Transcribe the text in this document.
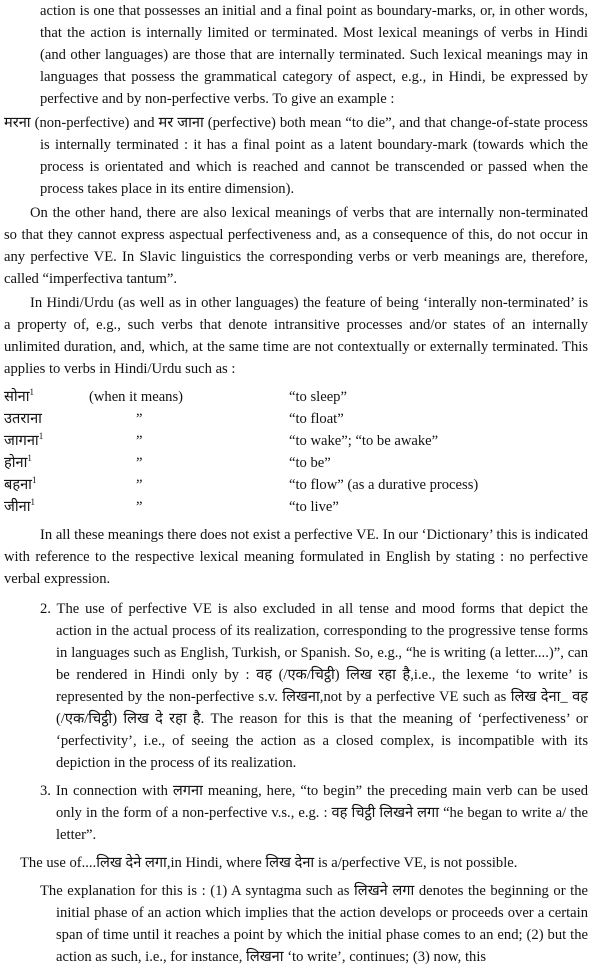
action is one that possesses an initial and a final point as boundary-marks, or, in other words, that the action is internally limited or terminated. Most lexical meanings of verbs in Hindi (and other languages) are those that are internally terminated. Such lexical meanings may in languages that possess the grammatical category of aspect, e.g., in Hindi, be expressed by perfective and by non-perfective verbs. To give an example :

मरना (non-perfective) and मर जाना (perfective) both mean “to die”, and that change-of-state process is internally terminated : it has a final point as a latent boundary-mark (towards which the process is orientated and which is reached and cannot be transcended or passed when the process takes place in its entire dimension).

On the other hand, there are also lexical meanings of verbs that are internally non-terminated so that they cannot express aspectual perfectiveness and, as a consequence of this, do not occur in any perfective VE. In Slavic linguistics the corresponding verbs or verb meanings are, therefore, called “imperfectiva tantum”.

In Hindi/Urdu (as well as in other languages) the feature of being ‘interally non-terminated’ is a property of, e.g., such verbs that denote intransitive processes and/or states of an internally unlimited duration, and, which, at the same time are not contextually or externally terminated. This applies to verbs in Hindi/Urdu such as :

सोना$^1$	(when it means)	“to sleep”
उतराना	”	“to float”
जागना$^1$	”	“to wake”; “to be awake”
होना$^1$	”	“to be”
बहना$^1$	”	“to flow” (as a durative process)
जीना$^1$	”	“to live”

In all these meanings there does not exist a perfective VE. In our ‘Dictionary’ this is indicated with reference to the respective lexical meaning formulated in English by stating : no perfective verbal expression.

2. The use of perfective VE is also excluded in all tense and mood forms that depict the action in the actual process of its realization, corresponding to the progressive tense forms in languages such as English, Turkish, or Spanish. So, e.g., “he is writing (a letter....)”, can be rendered in Hindi only by : वह (/एक/चिट्ठी) लिख रहा है,i.e., the lexeme ‘to write’ is represented by the non-perfective s.v. लिखना,not by a perfective VE such as लिख देना_ वह (/एक/चिट्ठी) लिख दे रहा है. The reason for this is that the meaning of ‘perfectiveness’ or ‘perfectivity’, i.e., of seeing the action as a closed complex, is incompatible with its depiction in the process of its realization.

3. In connection with लगना meaning, here, “to begin” the preceding main verb can be used only in the form of a non-perfective v.s., e.g. : वह चिट्ठी लिखने लगा “he began to write a/ the letter”.

The use of....लिख देने लगा,in Hindi, where लिख देना is a/perfective VE, is not possible.

The explanation for this is : (1) A syntagma such as लिखने लगा denotes the beginning or the initial phase of an action which implies that the action develops or proceeds over a certain span of time until it reaches a point by which the initial phase comes to an end; (2) but the action as such, i.e., for instance, लिखना ‘to write’, continues; (3) now, this
